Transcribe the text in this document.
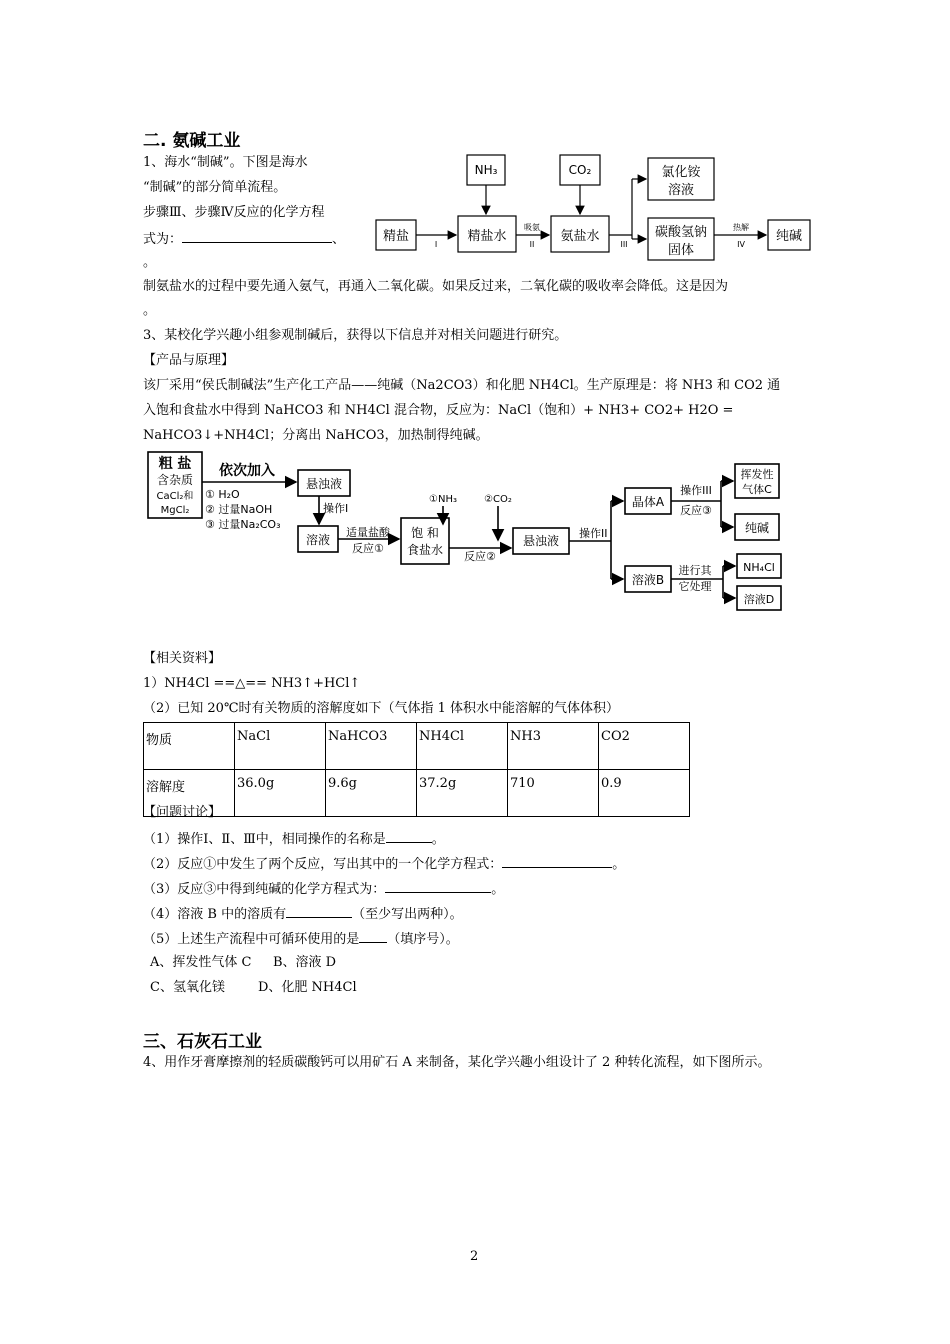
二. 氨碱工业
1、海水“制碱”。下图是海水
“制碱”的部分简单流程。
步骤Ⅲ、步骤Ⅳ反应的化学方程
式为：	、
。
NH₃	CO₂
精盐	精盐水	氨盐水
氯化铵
溶液
碳酸氢钠
固体
纯碱
I
吸氨
II	III
热解
IV
制氨盐水的过程中要先通入氨气，再通入二氧化碳。如果反过来，二氧化碳的吸收率会降低。这是因为
。
3、某校化学兴趣小组参观制碱后，获得以下信息并对相关问题进行研究。
【产品与原理】
该厂采用“侯氏制碱法”生产化工产品——纯碱（Na2CO3）和化肥 NH4Cl。生产原理是：将 NH3 和 CO2 通
入饱和食盐水中得到 NaHCO3 和 NH4Cl 混合物，反应为：NaCl（饱和）+ NH3+ CO2+ H2O =
NaHCO3↓+NH4Cl；分离出 NaHCO3，加热制得纯碱。
粗 盐
含杂质
CaCl₂和
MgCl₂
依次加入
① H₂O
② 过量NaOH
③ 过量Na₂CO₃
悬浊液
操作I
溶液
适量盐酸
反应①
饱 和
食盐水
①NH₃	②CO₂
反应②
悬浊液
操作II
晶体A
操作III
反应③
挥发性
气体C
纯碱
溶液B
进行其
它处理
NH₄Cl
溶液D
【相关资料】
1）NH4Cl ==△== NH3↑+HCl↑
（2）已知 20℃时有关物质的溶解度如下（气体指 1 体积水中能溶解的气体体积）
物质	NaCl	NaHCO3	NH4Cl	NH3	CO2
溶解度	36.0g	9.6g	37.2g	710	0.9
【问题讨论】
（1）操作Ⅰ、Ⅱ、Ⅲ中，相同操作的名称是	。
（2）反应①中发生了两个反应，写出其中的一个化学方程式：	。
（3）反应③中得到纯碱的化学方程式为：	。
（4）溶液 B 中的溶质有	（至少写出两种）。
（5）上述生产流程中可循环使用的是 （填序号）。
A、挥发性气体 C B、溶液 D
C、氢氧化镁	D、化肥 NH4Cl
三、石灰石工业
4、用作牙膏摩擦剂的轻质碳酸钙可以用矿石 A 来制备，某化学兴趣小组设计了 2 种转化流程，如下图所示。
2
